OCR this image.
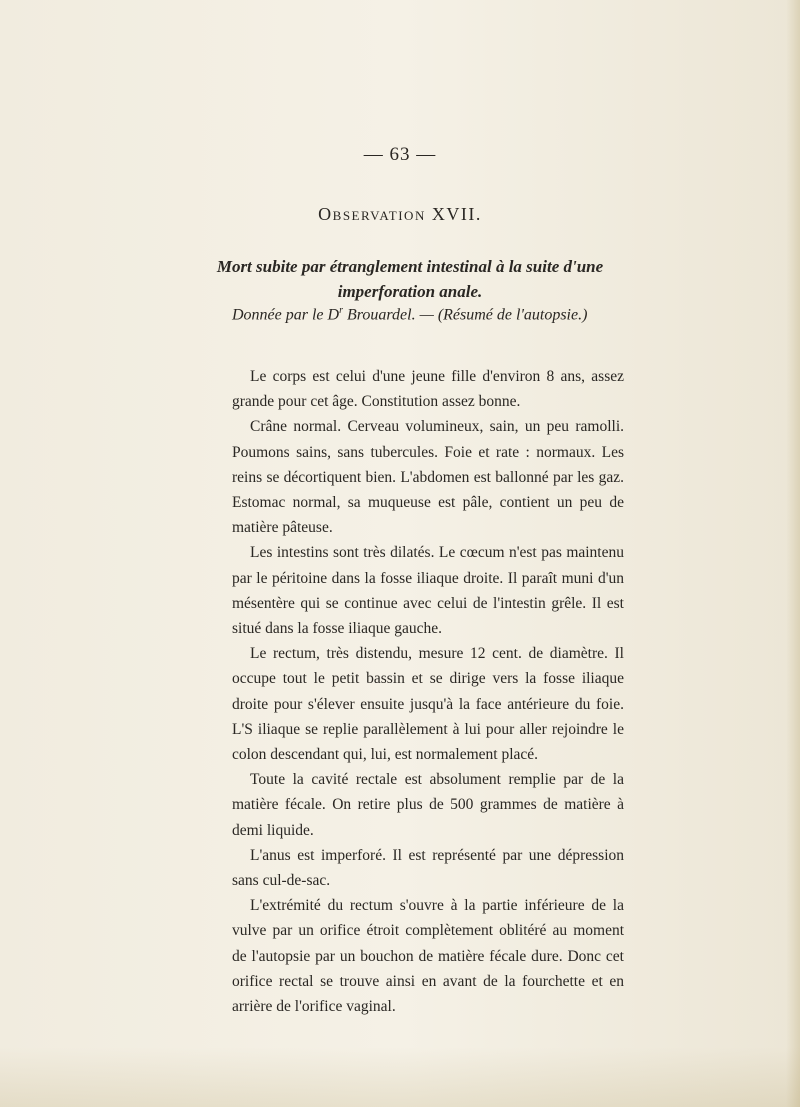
— 63 —
Observation XVII.
Mort subite par étranglement intestinal à la suite d'une
imperforation anale.
Donnée par le $D^r$ Brouardel. — (Résumé de l'autopsie.)

Le corps est celui d'une jeune fille d'environ 8 ans, assez grande pour cet âge. Constitution assez bonne.

Crâne normal. Cerveau volumineux, sain, un peu ramolli. Poumons sains, sans tubercules. Foie et rate : normaux. Les reins se décortiquent bien. L'abdomen est ballonné par les gaz. Estomac normal, sa muqueuse est pâle, contient un peu de matière pâteuse.

Les intestins sont très dilatés. Le cœcum n'est pas maintenu par le péritoine dans la fosse iliaque droite. Il paraît muni d'un mésentère qui se continue avec celui de l'intestin grêle. Il est situé dans la fosse iliaque gauche.

Le rectum, très distendu, mesure 12 cent. de diamètre. Il occupe tout le petit bassin et se dirige vers la fosse iliaque droite pour s'élever ensuite jusqu'à la face antérieure du foie. L'S iliaque se replie parallèlement à lui pour aller rejoindre le colon descendant qui, lui, est normalement placé.

Toute la cavité rectale est absolument remplie par de la matière fécale. On retire plus de 500 grammes de matière à demi liquide.

L'anus est imperforé. Il est représenté par une dépression sans cul-de-sac.

L'extrémité du rectum s'ouvre à la partie inférieure de la vulve par un orifice étroit complètement oblitéré au moment de l'autopsie par un bouchon de matière fécale dure. Donc cet orifice rectal se trouve ainsi en avant de la fourchette et en arrière de l'orifice vaginal.
